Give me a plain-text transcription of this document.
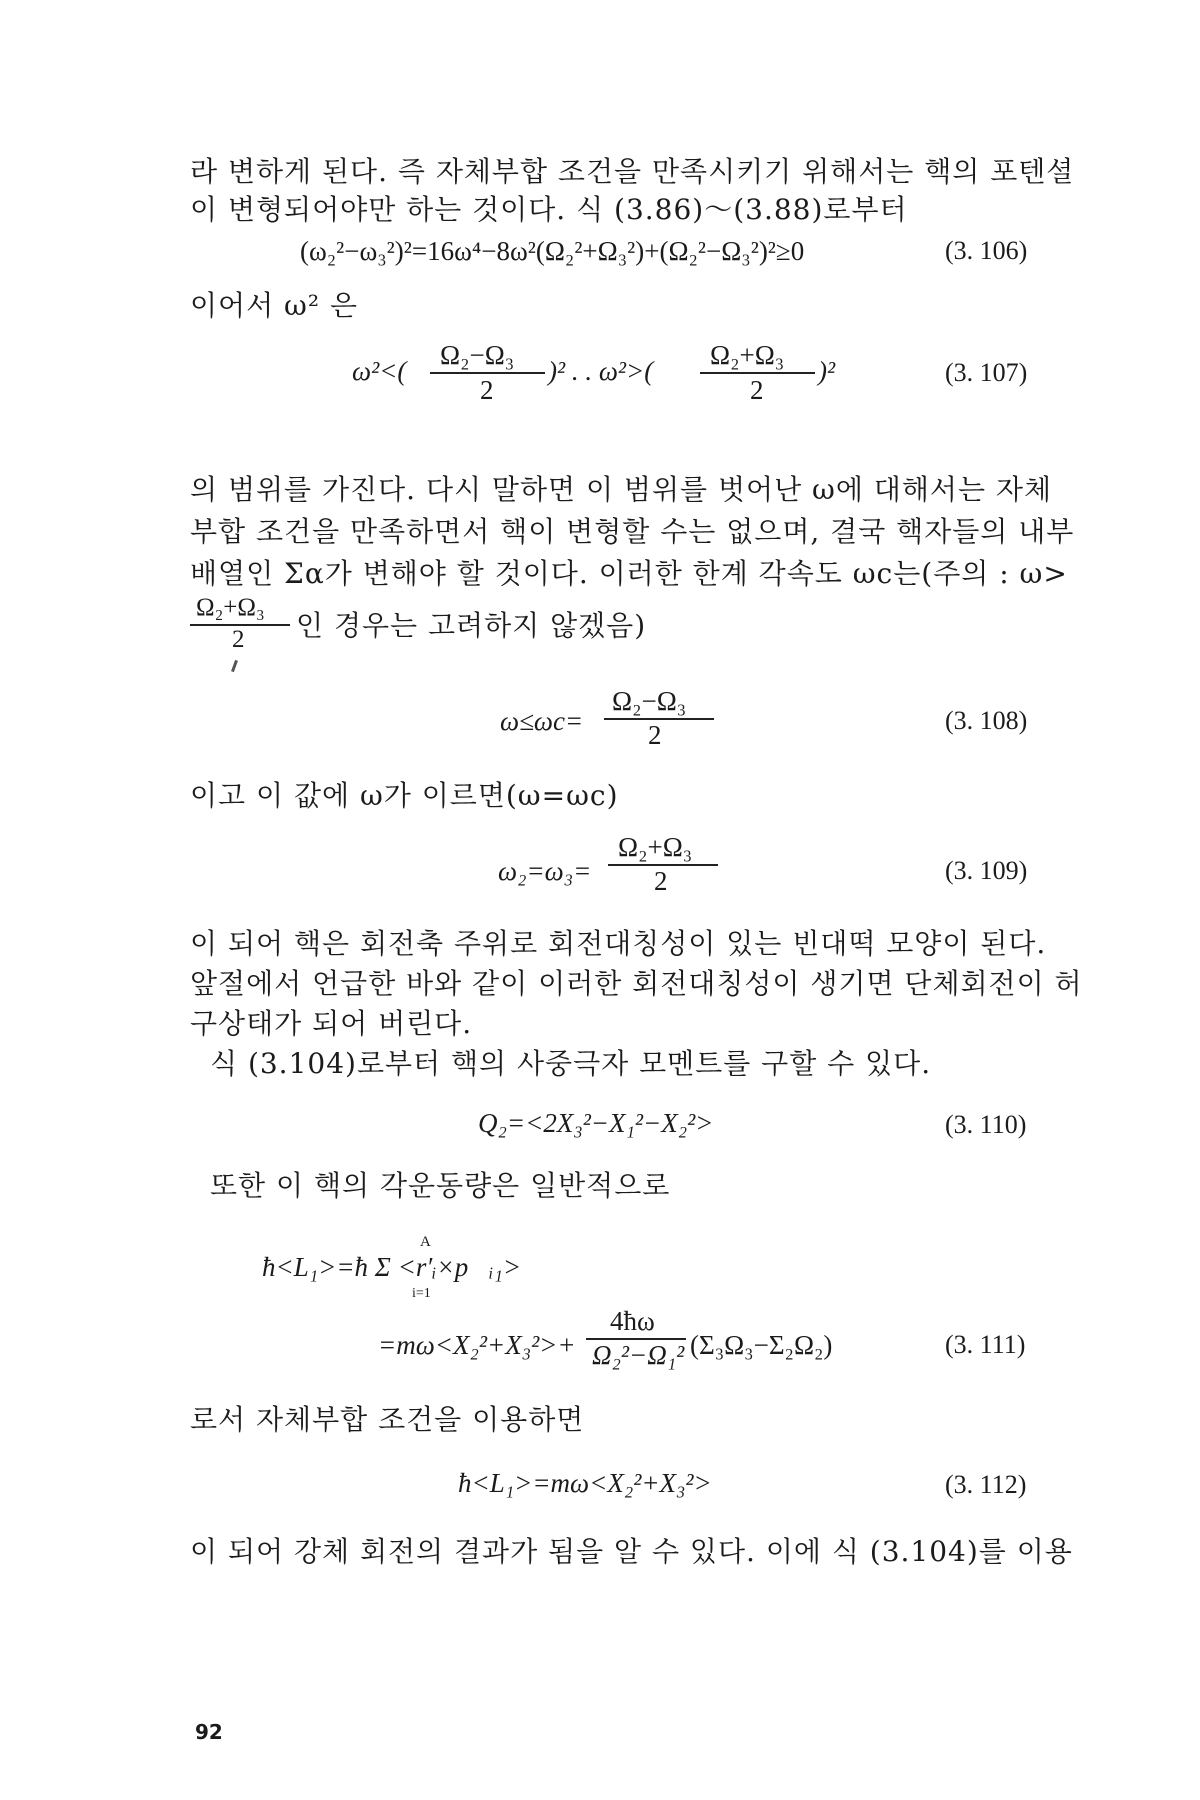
라 변하게 된다. 즉 자체부합 조건을 만족시키기 위해서는 핵의 포텐셜
이 변형되어야만 하는 것이다. 식 (3.86)～(3.88)로부터
(ω₂²−ω₃²)²=16ω⁴−8ω²(Ω₂²+Ω₃²)+(Ω₂²−Ω₃²)²≥0	(3. 106)
이어서 ω² 은
ω²<(
Ω₂−Ω₃
2
)² . . ω²>(
Ω₂+Ω₃
2
)²	(3. 107)
의 범위를 가진다. 다시 말하면 이 범위를 벗어난 ω에 대해서는 자체
부합 조건을 만족하면서 핵이 변형할 수는 없으며, 결국 핵자들의 내부
배열인 Σα가 변해야 할 것이다. 이러한 한계 각속도 ωc는(주의 : ω>
Ω₂+Ω₃
2 인 경우는 고려하지 않겠음)
ω≤ωc=
Ω₂−Ω₃
2	(3. 108)
이고 이 값에 ω가 이르면(ω=ωc)
ω₂=ω₃=
Ω₂+Ω₃
2	(3. 109)
이 되어 핵은 회전축 주위로 회전대칭성이 있는 빈대떡 모양이 된다.
앞절에서 언급한 바와 같이 이러한 회전대칭성이 생기면 단체회전이 허
구상태가 되어 버린다.
식 (3.104)로부터 핵의 사중극자 모멘트를 구할 수 있다.
Q₂=<2X₃²−X₁²−X₂²>	(3. 110)
또한 이 핵의 각운동량은 일반적으로
A
ħ<L₁>=ħ Σ <r′ᵢ×p⃗ᵢ₁>
i=1
=mω<X₂²+X₃²>+
4ħω
Ω₂²−Ω₁² (Σ₃Ω₃−Σ₂Ω₂)	(3. 111)
로서 자체부합 조건을 이용하면
ħ<L₁>=mω<X₂²+X₃²>	(3. 112)
이 되어 강체 회전의 결과가 됨을 알 수 있다. 이에 식 (3.104)를 이용
92
